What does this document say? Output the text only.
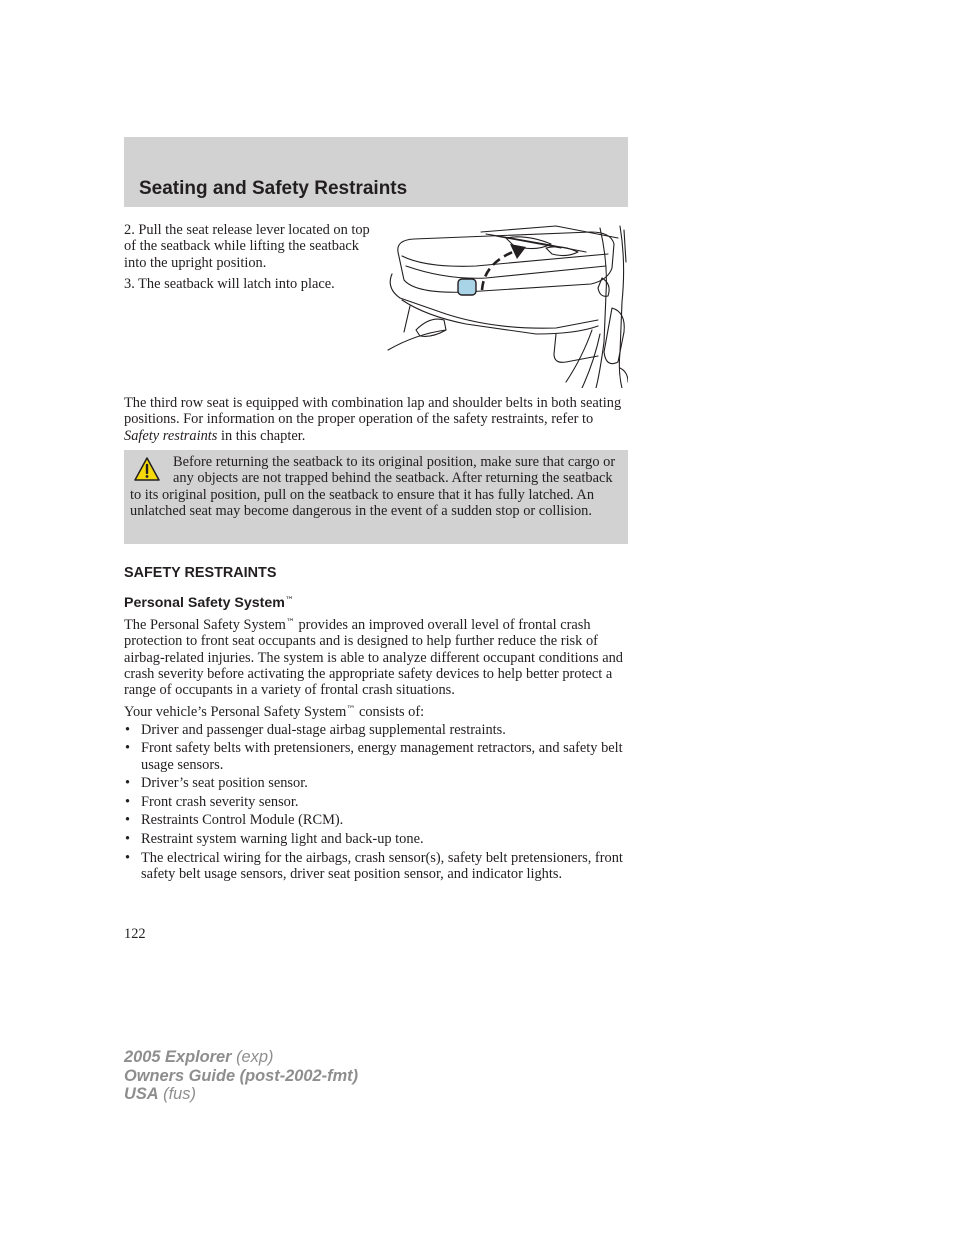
Seating and Safety Restraints

2. Pull the seat release lever located on top of the seatback while lifting the seatback into the upright position.

3. The seatback will latch into place.

The third row seat is equipped with combination lap and shoulder belts in both seating positions. For information on the proper operation of the safety restraints, refer to Safety restraints in this chapter.

Before returning the seatback to its original position, make sure that cargo or any objects are not trapped behind the seatback. After returning the seatback to its original position, pull on the seatback to ensure that it has fully latched. An unlatched seat may become dangerous in the event of a sudden stop or collision.

SAFETY RESTRAINTS
Personal Safety System™

The Personal Safety System™ provides an improved overall level of frontal crash protection to front seat occupants and is designed to help further reduce the risk of airbag-related injuries. The system is able to analyze different occupant conditions and crash severity before activating the appropriate safety devices to help better protect a range of occupants in a variety of frontal crash situations.

Your vehicle’s Personal Safety System™ consists of:

• Driver and passenger dual-stage airbag supplemental restraints.
• Front safety belts with pretensioners, energy management retractors, and safety belt usage sensors.
• Driver’s seat position sensor.
• Front crash severity sensor.
• Restraints Control Module (RCM).
• Restraint system warning light and back-up tone.
• The electrical wiring for the airbags, crash sensor(s), safety belt pretensioners, front safety belt usage sensors, driver seat position sensor, and indicator lights.
122
2005 Explorer (exp)
Owners Guide (post-2002-fmt)
USA (fus)
